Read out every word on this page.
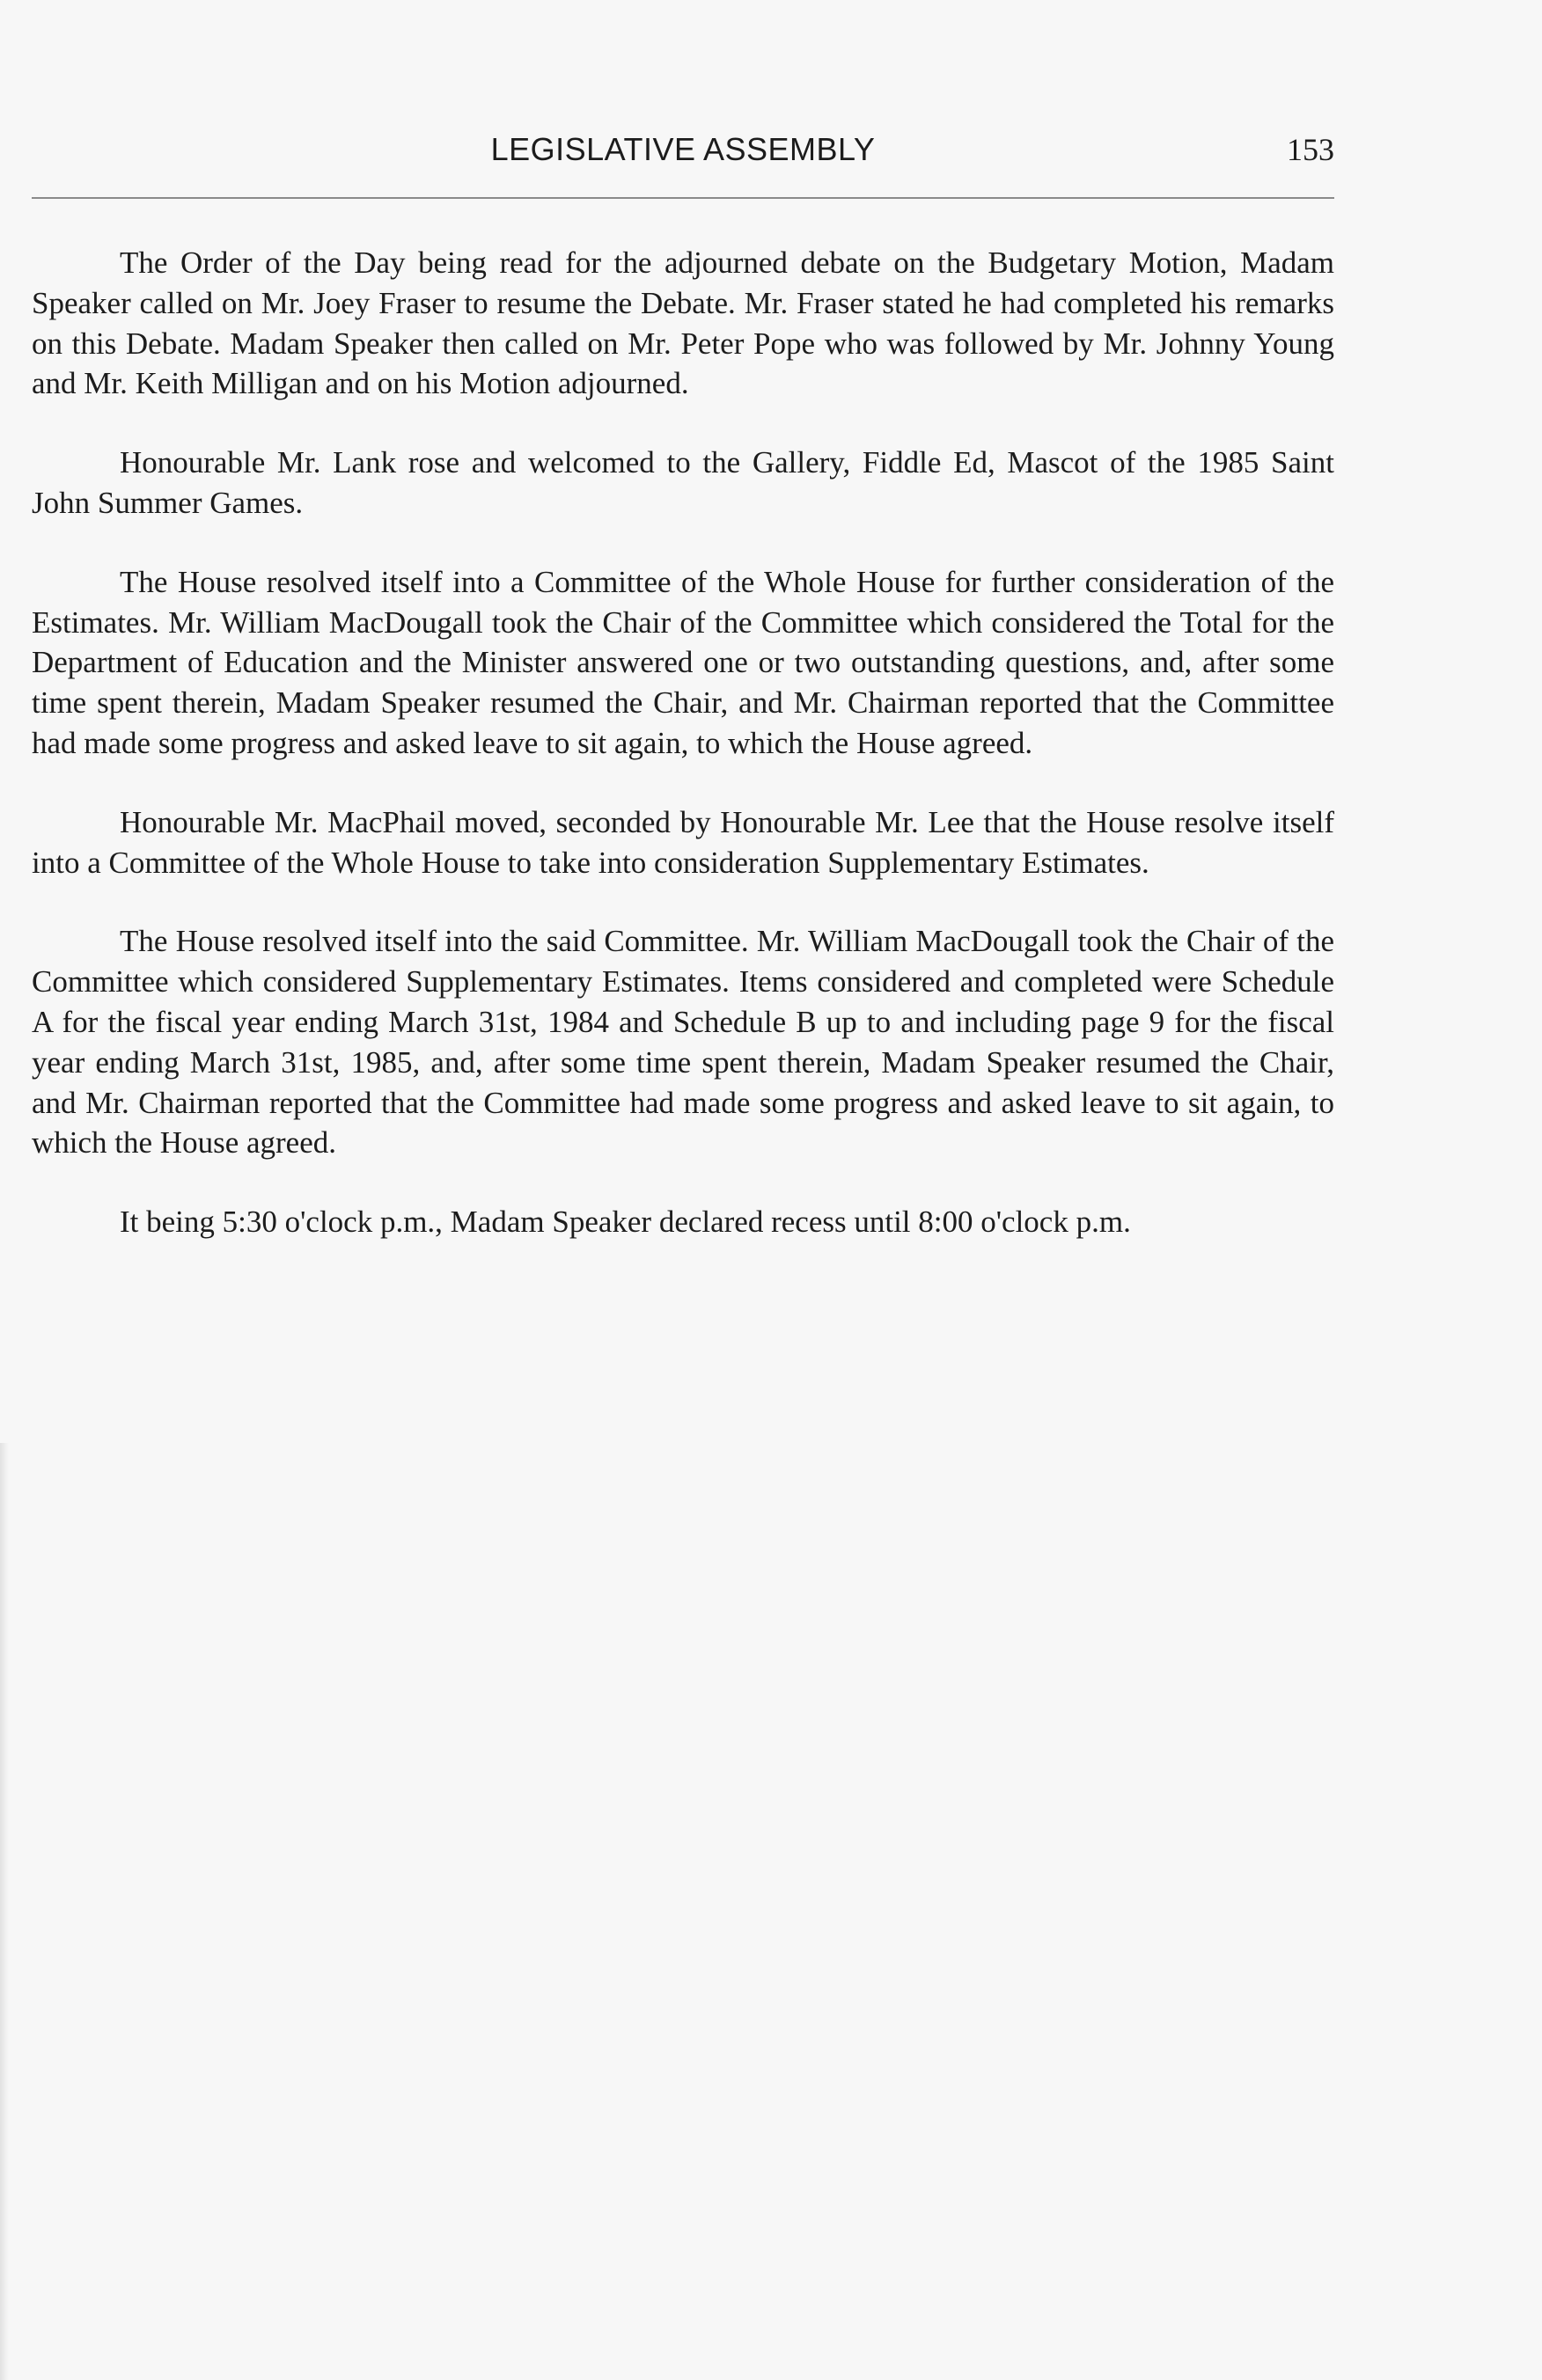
LEGISLATIVE ASSEMBLY	153

The Order of the Day being read for the adjourned debate on the Budgetary Motion, Madam Speaker called on Mr. Joey Fraser to resume the Debate. Mr. Fraser stated he had completed his remarks on this Debate. Madam Speaker then called on Mr. Peter Pope who was followed by Mr. Johnny Young and Mr. Keith Milligan and on his Motion adjourned.

Honourable Mr. Lank rose and welcomed to the Gallery, Fiddle Ed, Mascot of the 1985 Saint John Summer Games.

The House resolved itself into a Committee of the Whole House for further consideration of the Estimates. Mr. William MacDougall took the Chair of the Committee which considered the Total for the Department of Education and the Minister answered one or two outstanding questions, and, after some time spent therein, Madam Speaker resumed the Chair, and Mr. Chairman reported that the Committee had made some progress and asked leave to sit again, to which the House agreed.

Honourable Mr. MacPhail moved, seconded by Honourable Mr. Lee that the House resolve itself into a Committee of the Whole House to take into consideration Supplementary Estimates.

The House resolved itself into the said Committee. Mr. William MacDougall took the Chair of the Committee which considered Supplementary Estimates. Items considered and completed were Schedule A for the fiscal year ending March 31st, 1984 and Schedule B up to and including page 9 for the fiscal year ending March 31st, 1985, and, after some time spent therein, Madam Speaker resumed the Chair, and Mr. Chairman reported that the Committee had made some progress and asked leave to sit again, to which the House agreed.

It being 5:30 o'clock p.m., Madam Speaker declared recess until 8:00 o'clock p.m.
